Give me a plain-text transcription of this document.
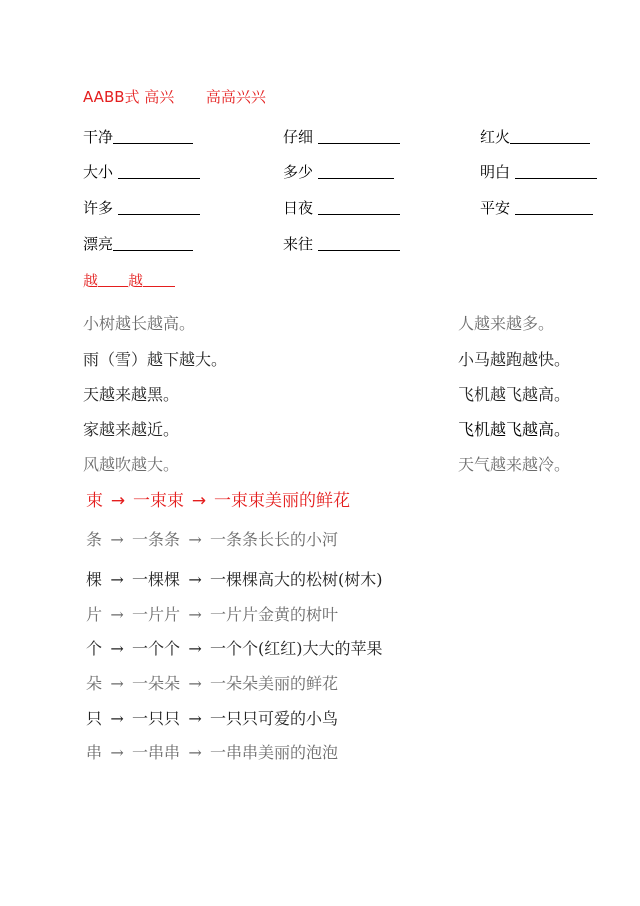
AABB式 高兴 高高兴兴
干净	仔细	红火
大小	多少	明白
许多	日夜	平安
漂亮	来往
越 越
小树越长越高。
雨（雪）越下越大。
天越来越黑。
家越来越近。
风越吹越大。
人越来越多。
小马越跑越快。
飞机越飞越高。
飞机越飞越高。
天气越来越冷。
束 → 一束束 → 一束束美丽的鲜花
条 → 一条条 → 一条条长长的小河
棵 → 一棵棵 → 一棵棵高大的松树(树木)
片 → 一片片 → 一片片金黄的树叶
个 → 一个个 → 一个个(红红)大大的苹果
朵 → 一朵朵 → 一朵朵美丽的鲜花
只 → 一只只 → 一只只可爱的小鸟
串 → 一串串 → 一串串美丽的泡泡
